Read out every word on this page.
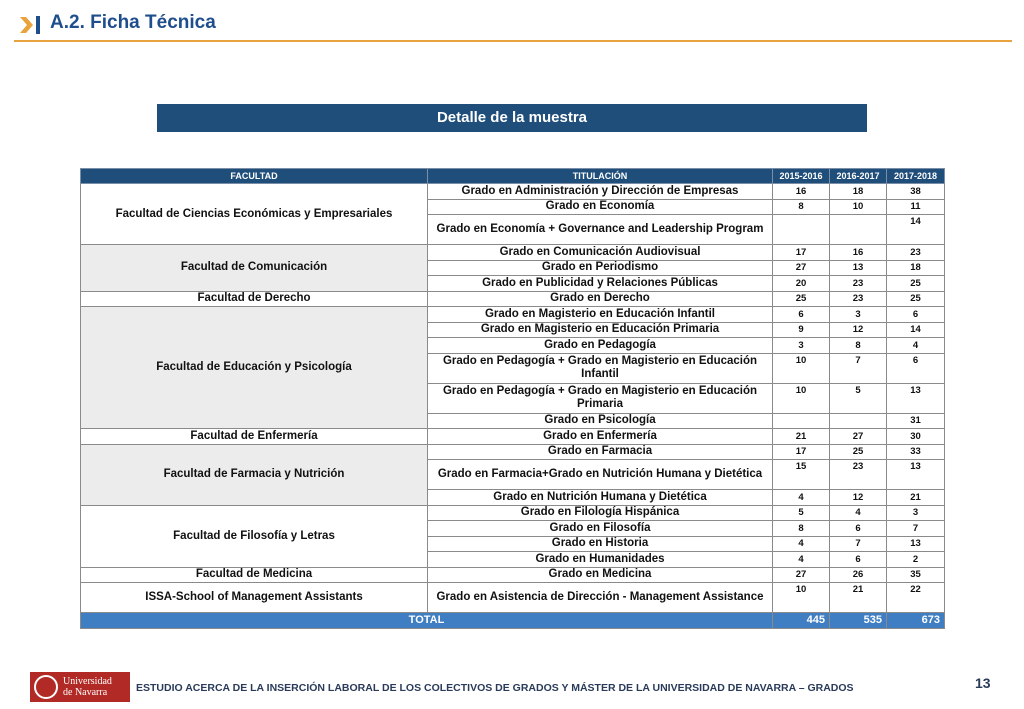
A.2. Ficha Técnica
Detalle de la muestra
FACULTAD	TITULACIÓN	2015-2016	2016-2017	2017-2018
Facultad de Ciencias Económicas y Empresariales	Grado en Administración y Dirección de Empresas	16	18	38
	Grado en Economía	8	10	11
	Grado en Economía + Governance and Leadership Program			14
Facultad de Comunicación	Grado en Comunicación Audiovisual	17	16	23
	Grado en Periodismo	27	13	18
	Grado en Publicidad y Relaciones Públicas	20	23	25
Facultad de Derecho	Grado en Derecho	25	23	25
Facultad de Educación y Psicología	Grado en Magisterio en Educación Infantil	6	3	6
	Grado en Magisterio en Educación Primaria	9	12	14
	Grado en Pedagogía	3	8	4
	Grado en Pedagogía + Grado en Magisterio en Educación Infantil	10	7	6
	Grado en Pedagogía + Grado en Magisterio en Educación Primaria	10	5	13
	Grado en Psicología			31
Facultad de Enfermería	Grado en Enfermería	21	27	30
Facultad de Farmacia y Nutrición	Grado en Farmacia	17	25	33
	Grado en Farmacia+Grado en Nutrición Humana y Dietética	15	23	13
	Grado en Nutrición Humana y Dietética	4	12	21
Facultad de Filosofía y Letras	Grado en Filología Hispánica	5	4	3
	Grado en Filosofía	8	6	7
	Grado en Historia	4	7	13
	Grado en Humanidades	4	6	2
Facultad de Medicina	Grado en Medicina	27	26	35
ISSA-School of Management Assistants	Grado en Asistencia de Dirección - Management Assistance	10	21	22
TOTAL		445	535	673
Universidad
de Navarra	ESTUDIO ACERCA DE LA INSERCIÓN LABORAL DE LOS COLECTIVOS DE GRADOS Y MÁSTER DE LA UNIVERSIDAD DE NAVARRA – GRADOS	13
